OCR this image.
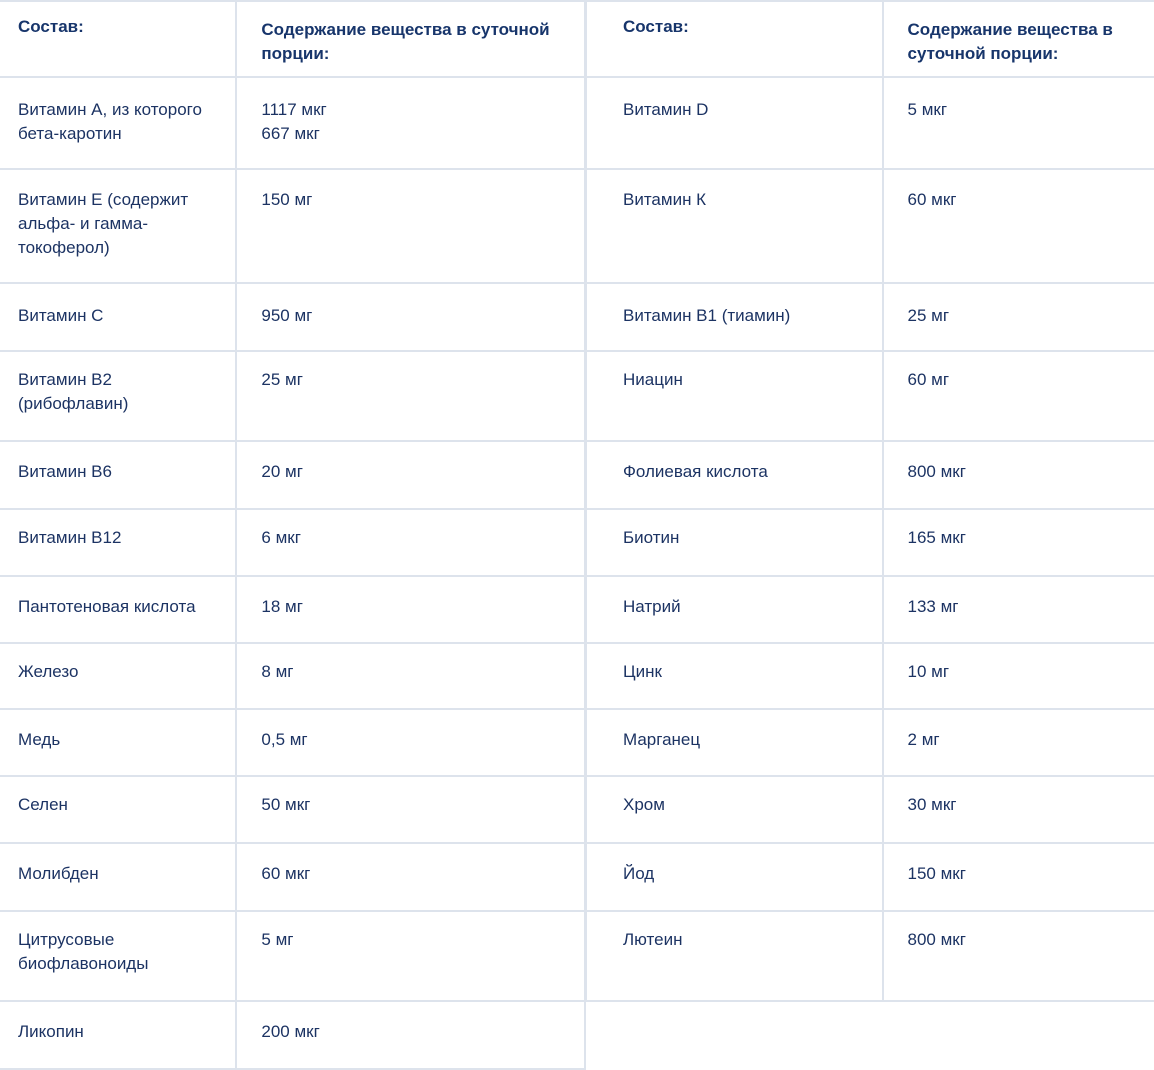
Состав:	Содержание вещества в суточной порции:

Витамин А, из которого бета-каротин	1117 мкг
667 мкг

Витамин Е (содержит альфа- и гамма-токоферол)	150 мг

Витамин С	950 мг

Витамин В2 (рибофлавин)	25 мг

Витамин В6	20 мг

Витамин В12	6 мкг

Пантотеновая кислота	18 мг

Железо	8 мг

Медь	0,5 мг

Селен	50 мкг

Молибден	60 мкг

Цитрусовые биофлавоноиды	5 мг

Ликопин	200 мкг
Состав:	Содержание вещества в суточной порции:

Витамин D	5 мкг

Витамин К	60 мкг

Витамин В1 (тиамин)	25 мг

Ниацин	60 мг

Фолиевая кислота	800 мкг

Биотин	165 мкг

Натрий	133 мг

Цинк	10 мг

Марганец	2 мг

Хром	30 мкг

Йод	150 мкг

Лютеин	800 мкг
